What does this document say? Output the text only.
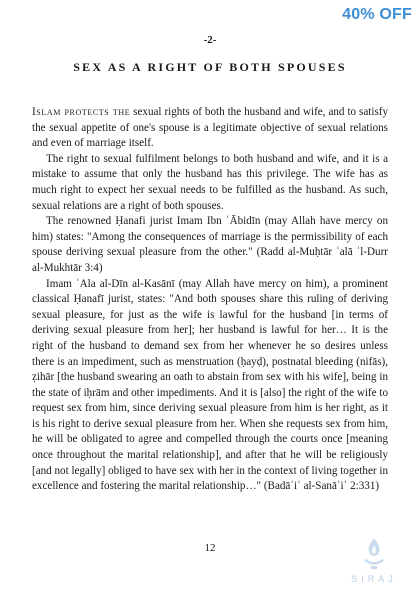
40% OFF
-2-
SEX AS A RIGHT OF BOTH SPOUSES

Islam protects the sexual rights of both the husband and wife, and to satisfy the sexual appetite of one's spouse is a legitimate objective of sexual relations and even of marriage itself.

The right to sexual fulfilment belongs to both husband and wife, and it is a mistake to assume that only the husband has this privilege. The wife has as much right to expect her sexual needs to be fulfilled as the husband. As such, sexual relations are a right of both spouses.

The renowned Ḥanafi jurist Imam Ibn ʿĀbidīn (may Allah have mercy on him) states: "Among the consequences of marriage is the permissibility of each spouse deriving sexual pleasure from the other." (Radd al-Muḥtār ʿalā ʾl-Durr al-Mukhtār 3:4)

Imam ʿAla al-Dīn al-Kasānī (may Allah have mercy on him), a prominent classical Ḥanafī jurist, states: "And both spouses share this ruling of deriving sexual pleasure, for just as the wife is lawful for the husband [in terms of deriving sexual pleasure from her]; her husband is lawful for her… It is the right of the husband to demand sex from her whenever he so desires unless there is an impediment, such as menstruation (ḥayḍ), postnatal bleeding (nifās), ẓihār [the husband swearing an oath to abstain from sex with his wife], being in the state of iḥrām and other impediments. And it is [also] the right of the wife to request sex from him, since deriving sexual pleasure from him is her right, as it is his right to derive sexual pleasure from her. When she requests sex from him, he will be obligated to agree and compelled through the courts once [meaning once throughout the marital relationship], and after that he will be religiously [and not legally] obliged to have sex with her in the context of living together in excellence and fostering the marital relationship…" (Badāʾiʿ al-Sanāʾiʿ 2:331)

12
SIRAJ
